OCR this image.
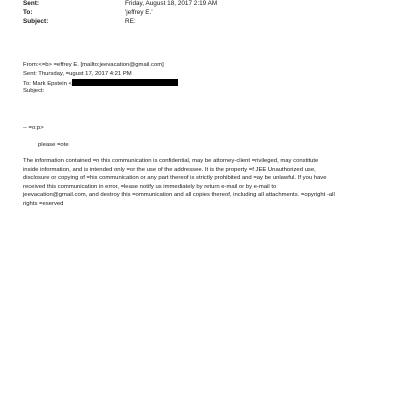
Sent:	Friday, August 18, 2017 2:19 AM
To:	'jeffrey E.'
Subject:	RE:
From:<=b> =effrey E. [mailto:jeevacation@gmail.com]
Sent: Thursday, =ugust 17, 2017 4:21 PM
To: Mark Epstein <
Subject:
-- =o:p>
please =ote
The information contained =n this communication is confidential, may be attorney-client =rivileged, may constitute
inside information, and is intended only =or the use of the addressee. It is the property =f JEE Unauthorized use,
disclosure or copying of =his communication or any part thereof is strictly prohibited and =ay be unlawful. If you have
received this communication in error, =lease notify us immediately by return e-mail or by e-mail to
jeevacation@gmail.com, and destroy this =ommunication and all copies thereof, including all attachments. =opyright -all
rights =eserved
